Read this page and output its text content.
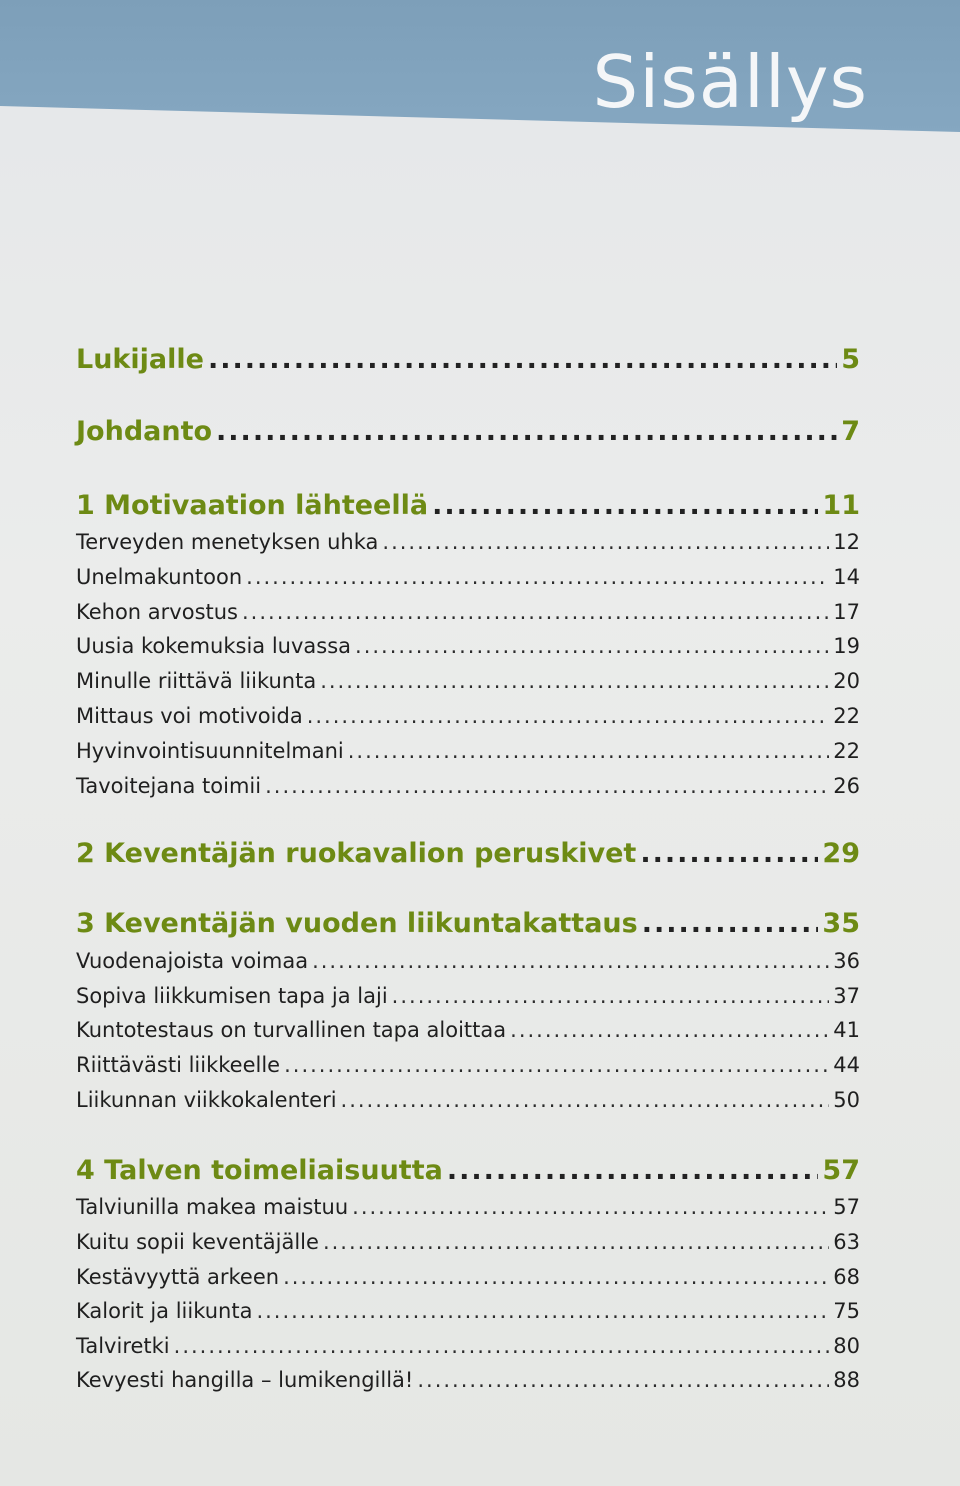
Sisällys
Lukijalle .....	5
Johdanto .....	7
1 Motivaation lähteellä .....	11
Terveyden menetyksen uhka .....	12
Unelmakuntoon .....	14
Kehon arvostus .....	17
Uusia kokemuksia luvassa .....	19
Minulle riittävä liikunta .....	20
Mittaus voi motivoida .....	22
Hyvinvointisuunnitelmani .....	22
Tavoitejana toimii .....	26
2 Keventäjän ruokavalion peruskivet .....	29
3 Keventäjän vuoden liikuntakattaus .....	35
Vuodenajoista voimaa .....	36
Sopiva liikkumisen tapa ja laji .....	37
Kuntotestaus on turvallinen tapa aloittaa .....	41
Riittävästi liikkeelle .....	44
Liikunnan viikkokalenteri .....	50
4 Talven toimeliaisuutta .....	57
Talviunilla makea maistuu .....	57
Kuitu sopii keventäjälle .....	63
Kestävyyttä arkeen .....	68
Kalorit ja liikunta .....	75
Talviretki .....	80
Kevyesti hangilla – lumikengillä! .....	88
